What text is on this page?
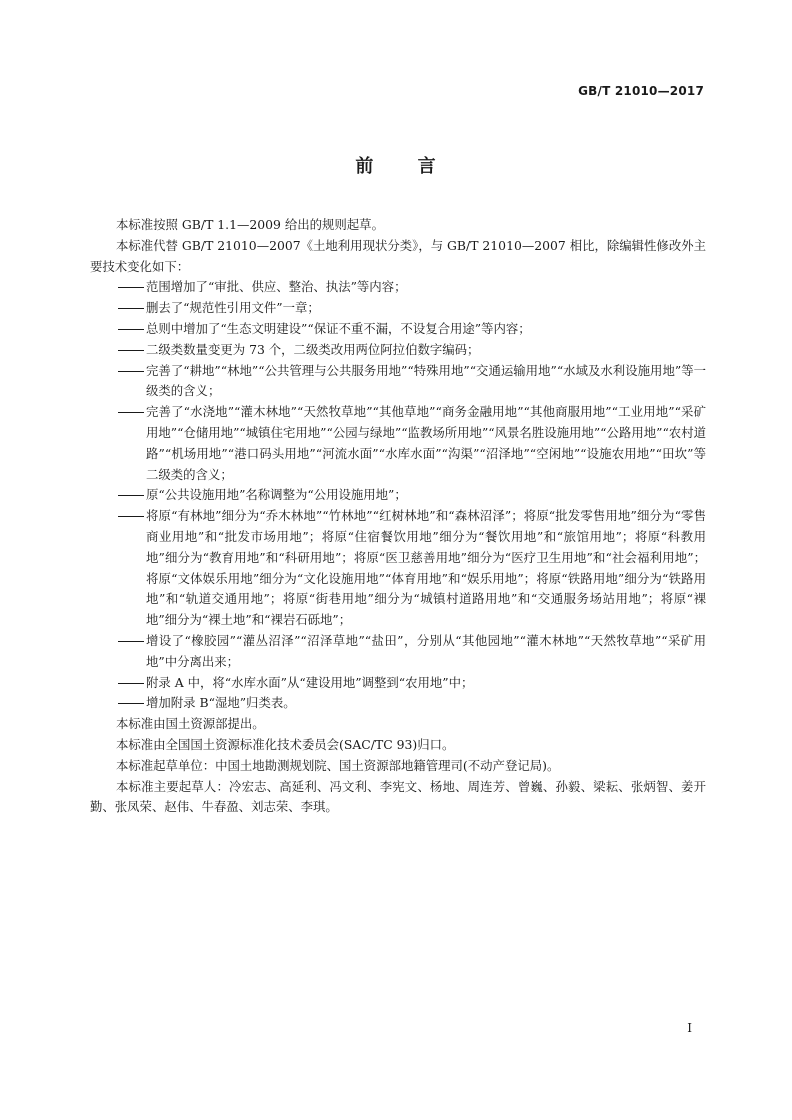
GB/T 21010—2017
前 言

本标准按照 GB/T 1.1—2009 给出的规则起草。

本标准代替 GB/T 21010—2007《土地利用现状分类》，与 GB/T 21010—2007 相比，除编辑性修改外主要技术变化如下：

范围增加了“审批、供应、整治、执法”等内容；

删去了“规范性引用文件”一章；

总则中增加了“生态文明建设”“保证不重不漏，不设复合用途”等内容；

二级类数量变更为 73 个，二级类改用两位阿拉伯数字编码；

完善了“耕地”“林地”“公共管理与公共服务用地”“特殊用地”“交通运输用地”“水域及水利设施用地”等一级类的含义；

完善了“水浇地”“灌木林地”“天然牧草地”“其他草地”“商务金融用地”“其他商服用地”“工业用地”“采矿用地”“仓储用地”“城镇住宅用地”“公园与绿地”“监教场所用地”“风景名胜设施用地”“公路用地”“农村道路”“机场用地”“港口码头用地”“河流水面”“水库水面”“沟渠”“沼泽地”“空闲地”“设施农用地”“田坎”等二级类的含义；

原“公共设施用地”名称调整为“公用设施用地”；

将原“有林地”细分为“乔木林地”“竹林地”“红树林地”和“森林沼泽”；将原“批发零售用地”细分为“零售商业用地”和“批发市场用地”；将原“住宿餐饮用地”细分为“餐饮用地”和“旅馆用地”；将原“科教用地”细分为“教育用地”和“科研用地”；将原“医卫慈善用地”细分为“医疗卫生用地”和“社会福利用地”；将原“文体娱乐用地”细分为“文化设施用地”“体育用地”和“娱乐用地”；将原“铁路用地”细分为“铁路用地”和“轨道交通用地”；将原“街巷用地”细分为“城镇村道路用地”和“交通服务场站用地”；将原“裸地”细分为“裸土地”和“裸岩石砾地”；

增设了“橡胶园”“灌丛沼泽”“沼泽草地”“盐田”，分别从“其他园地”“灌木林地”“天然牧草地”“采矿用地”中分离出来；

附录 A 中，将“水库水面”从“建设用地”调整到“农用地”中；

增加附录 B“湿地”归类表。

本标准由国土资源部提出。

本标准由全国国土资源标准化技术委员会(SAC/TC 93)归口。

本标准起草单位：中国土地勘测规划院、国土资源部地籍管理司(不动产登记局)。

本标准主要起草人：冷宏志、高延利、冯文利、李宪文、杨地、周连芳、曾巍、孙毅、梁耘、张炳智、姜开勤、张凤荣、赵伟、牛春盈、刘志荣、李琪。

I
